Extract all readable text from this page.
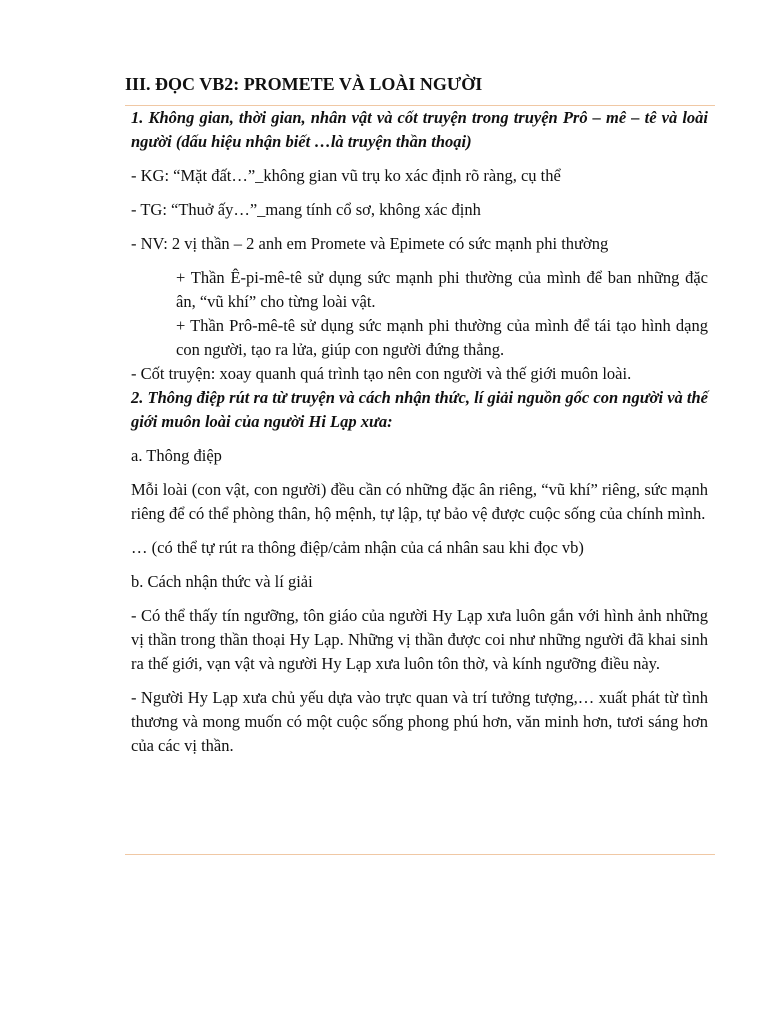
III. ĐỌC VB2: PROMETE VÀ LOÀI NGƯỜI

1. Không gian, thời gian, nhân vật và cốt truyện trong truyện Prô – mê – tê và loài người (dấu hiệu nhận biết …là truyện thần thoại)

- KG: “Mặt đất…”_không gian vũ trụ ko xác định rõ ràng, cụ thể

- TG: “Thuở ấy…”_mang tính cổ sơ, không xác định

- NV: 2 vị thần – 2 anh em Promete và Epimete có sức mạnh phi thường

+ Thần Ê-pi-mê-tê sử dụng sức mạnh phi thường của mình để ban những đặc ân, “vũ khí” cho từng loài vật.

+ Thần Prô-mê-tê sử dụng sức mạnh phi thường của mình để tái tạo hình dạng con người, tạo ra lửa, giúp con người đứng thẳng.

- Cốt truyện: xoay quanh quá trình tạo nên con người và thế giới muôn loài.

2. Thông điệp rút ra từ truyện và cách nhận thức, lí giải nguồn gốc con người và thế giới muôn loài của người Hi Lạp xưa:

a. Thông điệp

Mỗi loài (con vật, con người) đều cần có những đặc ân riêng, “vũ khí” riêng, sức mạnh riêng để có thể phòng thân, hộ mệnh, tự lập, tự bảo vệ được cuộc sống của chính mình.

… (có thể tự rút ra thông điệp/cảm nhận của cá nhân sau khi đọc vb)

b. Cách nhận thức và lí giải

- Có thể thấy tín ngưỡng, tôn giáo của người Hy Lạp xưa luôn gắn với hình ảnh những vị thần trong thần thoại Hy Lạp. Những vị thần được coi như những người đã khai sinh ra thế giới, vạn vật và người Hy Lạp xưa luôn tôn thờ, và kính ngưỡng điều này.

- Người Hy Lạp xưa chủ yếu dựa vào trực quan và trí tưởng tượng,… xuất phát từ tình thương và mong muốn có một cuộc sống phong phú hơn, văn minh hơn, tươi sáng hơn của các vị thần.
